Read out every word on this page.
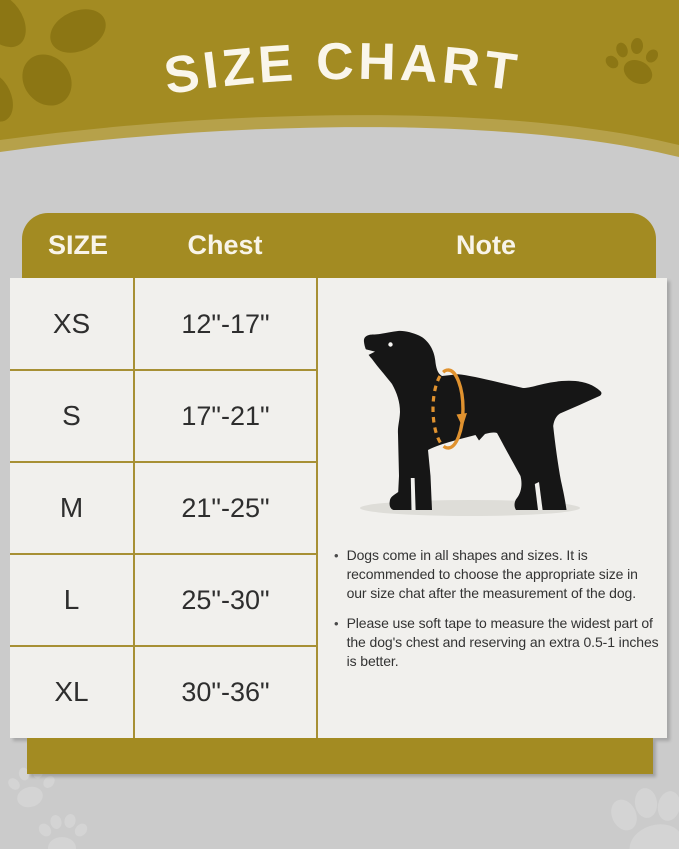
SIZE CHART
SIZE	Chest	Note
XS	12"-17"
S	17"-21"
M	21"-25"
L	25"-30"
XL	30"-36"
• Dogs come in all shapes and sizes. It is recommended to choose the appropriate size in our size chat after the measurement of the dog.
• Please use soft tape to measure the widest part of the dog's chest and reserving an extra 0.5-1 inches is better.
